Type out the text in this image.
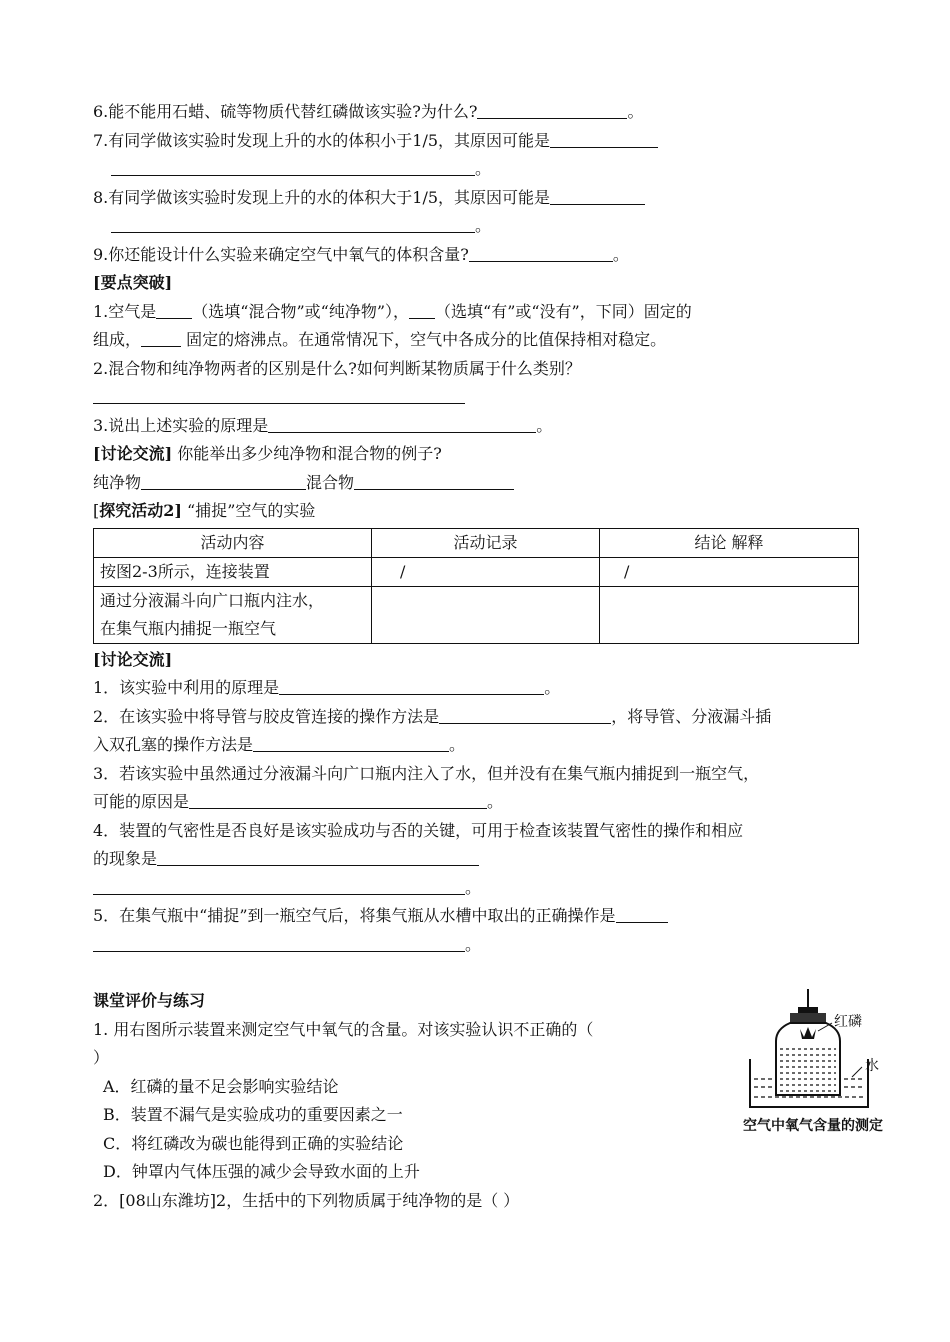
6.能不能用石蜡、硫等物质代替红磷做该实验?为什么?	。
7.有同学做该实验时发现上升的水的体积小于1/5，其原因可能是
。
8.有同学做该实验时发现上升的水的体积大于1/5，其原因可能是
。
9.你还能设计什么实验来确定空气中氧气的体积含量?	。
[要点突破]
1.空气是 （选填“混合物”或“纯净物”）， （选填“有”或“没有”，下同）固定的
组成，	固定的熔沸点。在通常情况下，空气中各成分的比值保持相对稳定。
2.混合物和纯净物两者的区别是什么?如何判断某物质属于什么类别？
3.说出上述实验的原理是	。
[讨论交流] 你能举出多少纯净物和混合物的例子?
纯净物	混合物
[探究活动2] “捕捉”空气的实验
活动内容	活动记录	结论 解释
按图2-3所示，连接装置	/	/

通过分液漏斗向广口瓶内注水，
在集气瓶内捕捉一瓶空气		

[讨论交流]
1．该实验中利用的原理是	。
2．在该实验中将导管与胶皮管连接的操作方法是	，将导管、分液漏斗插
入双孔塞的操作方法是	。
3．若该实验中虽然通过分液漏斗向广口瓶内注入了水，但并没有在集气瓶内捕捉到一瓶空气，
可能的原因是	。
4．装置的气密性是否良好是该实验成功与否的关键，可用于检查该装置气密性的操作和相应
的现象是
。
5．在集气瓶中“捕捉”到一瓶空气后，将集气瓶从水槽中取出的正确操作是
。
课堂评价与练习
1. 用右图所示装置来测定空气中氧气的含量。对该实验认识不正确的（
）
A．红磷的量不足会影响实验结论
B．装置不漏气是实验成功的重要因素之一
C．将红磷改为碳也能得到正确的实验结论
D．钟罩内气体压强的减少会导致水面的上升
2．[08山东潍坊]2，生括中的下列物质属于纯净物的是（ ）
红磷
水
空气中氧气含量的测定
